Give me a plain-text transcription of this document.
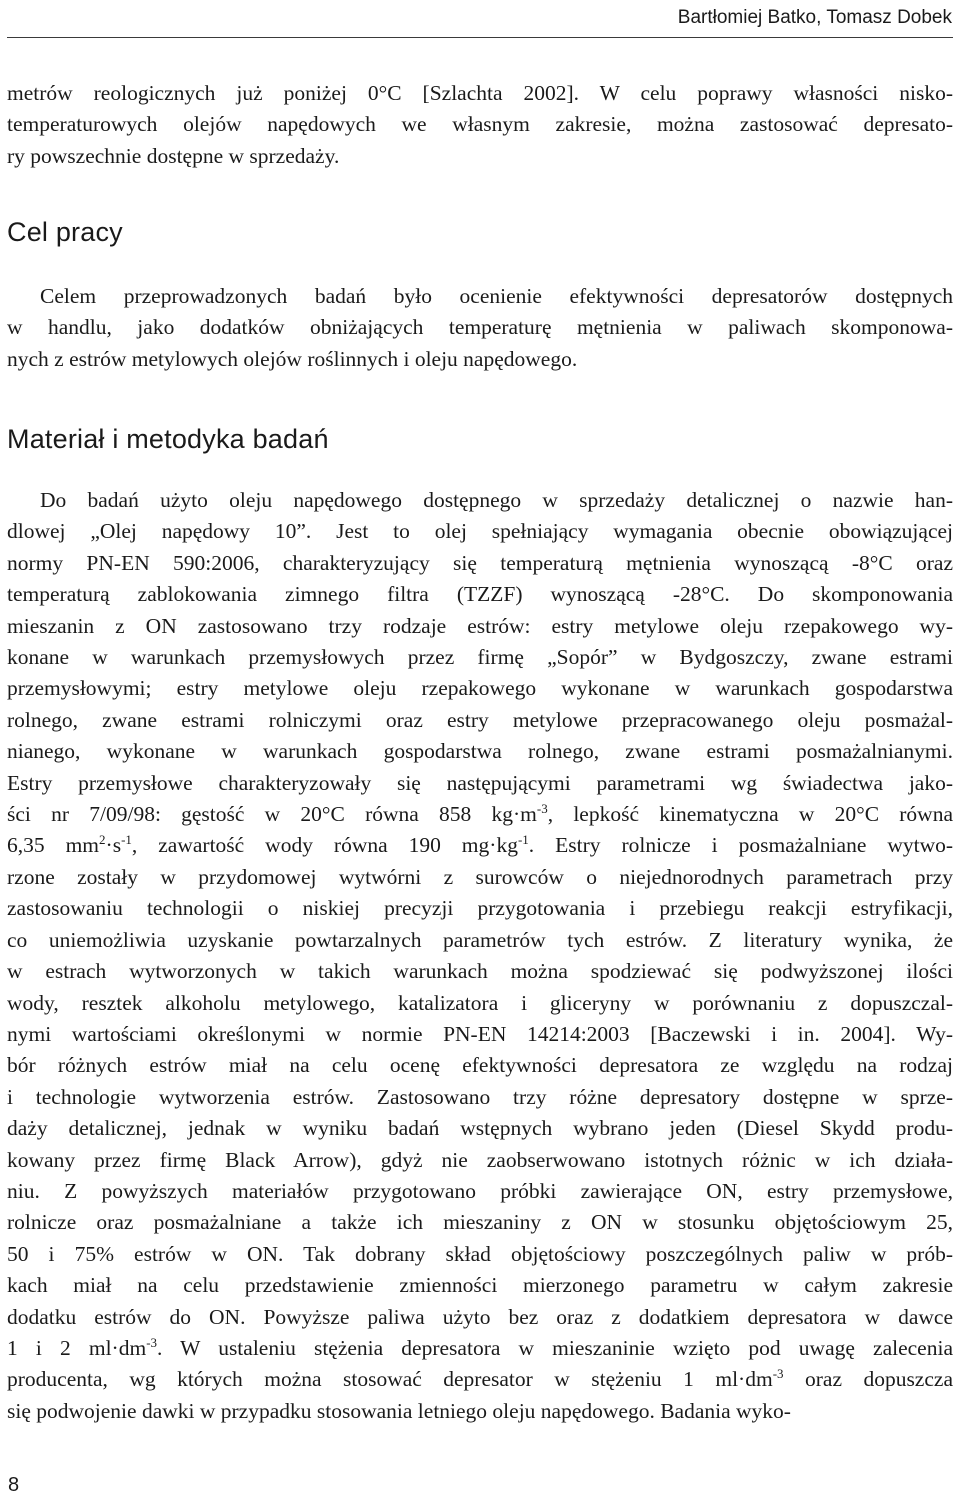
Bartłomiej Batko, Tomasz Dobek
metrów reologicznych już poniżej 0°C [Szlachta 2002]. W celu poprawy własności nisko-
temperaturowych olejów napędowych we własnym zakresie, można zastosować depresato-
ry powszechnie dostępne w sprzedaży.
Cel pracy
Celem przeprowadzonych badań było ocenienie efektywności depresatorów dostępnych
w handlu, jako dodatków obniżających temperaturę mętnienia w paliwach skomponowa-
nych z estrów metylowych olejów roślinnych i oleju napędowego.
Materiał i metodyka badań
Do badań użyto oleju napędowego dostępnego w sprzedaży detalicznej o nazwie han-
dlowej „Olej napędowy 10”. Jest to olej spełniający wymagania obecnie obowiązującej
normy PN-EN 590:2006, charakteryzujący się temperaturą mętnienia wynoszącą -8°C oraz
temperaturą zablokowania zimnego filtra (TZZF) wynoszącą -28°C. Do skomponowania
mieszanin z ON zastosowano trzy rodzaje estrów: estry metylowe oleju rzepakowego wy-
konane w warunkach przemysłowych przez firmę „Sopór” w Bydgoszczy, zwane estrami
przemysłowymi; estry metylowe oleju rzepakowego wykonane w warunkach gospodarstwa
rolnego, zwane estrami rolniczymi oraz estry metylowe przepracowanego oleju posmażal-
nianego, wykonane w warunkach gospodarstwa rolnego, zwane estrami posmażalnianymi.
Estry przemysłowe charakteryzowały się następującymi parametrami wg świadectwa jako-
ści nr 7/09/98: gęstość w 20°C równa 858 $kg\cdot m^{-3}$, lepkość kinematyczna w 20°C równa
6,35 $mm^2\cdot s^{-1}$, zawartość wody równa 190 $mg\cdot kg^{-1}$. Estry rolnicze i posmażalniane wytwo-
rzone zostały w przydomowej wytwórni z surowców o niejednorodnych parametrach przy
zastosowaniu technologii o niskiej precyzji przygotowania i przebiegu reakcji estryfikacji,
co uniemożliwia uzyskanie powtarzalnych parametrów tych estrów. Z literatury wynika, że
w estrach wytworzonych w takich warunkach można spodziewać się podwyższonej ilości
wody, resztek alkoholu metylowego, katalizatora i gliceryny w porównaniu z dopuszczal-
nymi wartościami określonymi w normie PN-EN 14214:2003 [Baczewski i in. 2004]. Wy-
bór różnych estrów miał na celu ocenę efektywności depresatora ze względu na rodzaj
i technologie wytworzenia estrów. Zastosowano trzy różne depresatory dostępne w sprze-
daży detalicznej, jednak w wyniku badań wstępnych wybrano jeden (Diesel Skydd produ-
kowany przez firmę Black Arrow), gdyż nie zaobserwowano istotnych różnic w ich działa-
niu. Z powyższych materiałów przygotowano próbki zawierające ON, estry przemysłowe,
rolnicze oraz posmażalniane a także ich mieszaniny z ON w stosunku objętościowym 25,
50 i 75% estrów w ON. Tak dobrany skład objętościowy poszczególnych paliw w prób-
kach miał na celu przedstawienie zmienności mierzonego parametru w całym zakresie
dodatku estrów do ON. Powyższe paliwa użyto bez oraz z dodatkiem depresatora w dawce
1 i 2 $ml\cdot dm^{-3}$. W ustaleniu stężenia depresatora w mieszaninie wzięto pod uwagę zalecenia
producenta, wg których można stosować depresator w stężeniu 1 $ml\cdot dm^{-3}$ oraz dopuszcza
się podwojenie dawki w przypadku stosowania letniego oleju napędowego. Badania wyko-
8
